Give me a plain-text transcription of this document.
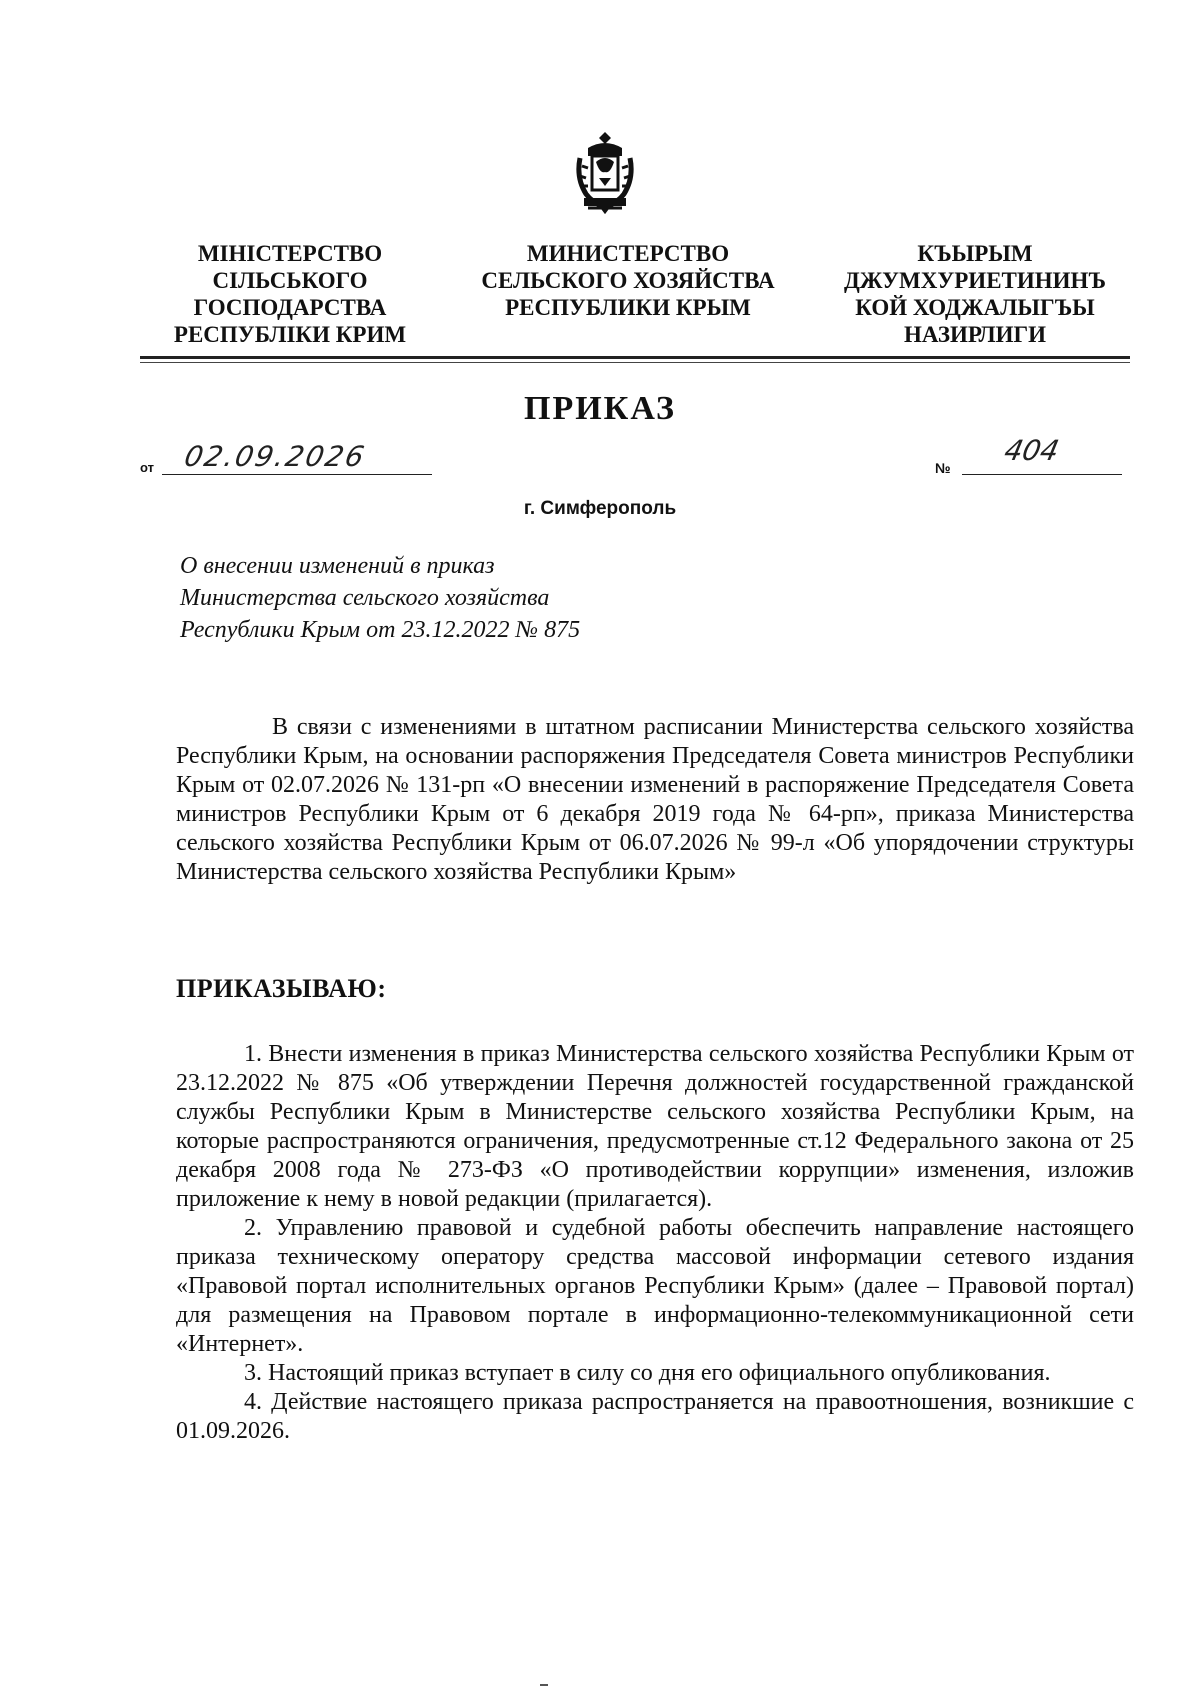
МІНІСТЕРСТВО
СІЛЬСЬКОГО
ГОСПОДАРСТВА
РЕСПУБЛІКИ КРИМ
МИНИСТЕРСТВО
СЕЛЬСКОГО ХОЗЯЙСТВА
РЕСПУБЛИКИ КРЫМ
КЪЫРЫМ
ДЖУМХУРИЕТИНИНЪ
КОЙ ХОДЖАЛЫГЪЫ
НАЗИРЛИГИ
ПРИКАЗ
от 02.09.2026	№
404
г. Симферополь
О внесении изменений в приказ
Министерства сельского хозяйства
Республики Крым от 23.12.2022 № 875

В связи с изменениями в штатном расписании Министерства сельского хозяйства Республики Крым, на основании распоряжения Председателя Совета министров Республики Крым от 02.07.2026 № 131-рп «О внесении изменений в распоряжение Председателя Совета министров Республики Крым от 6 декабря 2019 года № 64-рп», приказа Министерства сельского хозяйства Республики Крым от 06.07.2026 № 99-л «Об упорядочении структуры Министерства сельского хозяйства Республики Крым»

ПРИКАЗЫВАЮ:

1. Внести изменения в приказ Министерства сельского хозяйства Республики Крым от 23.12.2022 № 875 «Об утверждении Перечня должностей государственной гражданской службы Республики Крым в Министерстве сельского хозяйства Республики Крым, на которые распространяются ограничения, предусмотренные ст.12 Федерального закона от 25 декабря 2008 года № 273-ФЗ «О противодействии коррупции» изменения, изложив приложение к нему в новой редакции (прилагается).

2. Управлению правовой и судебной работы обеспечить направление настоящего приказа техническому оператору средства массовой информации сетевого издания «Правовой портал исполнительных органов Республики Крым» (далее – Правовой портал) для размещения на Правовом портале в информационно-телекоммуникационной сети «Интернет».

3. Настоящий приказ вступает в силу со дня его официального опубликования.

4. Действие настоящего приказа распространяется на правоотношения, возникшие с 01.09.2026.
